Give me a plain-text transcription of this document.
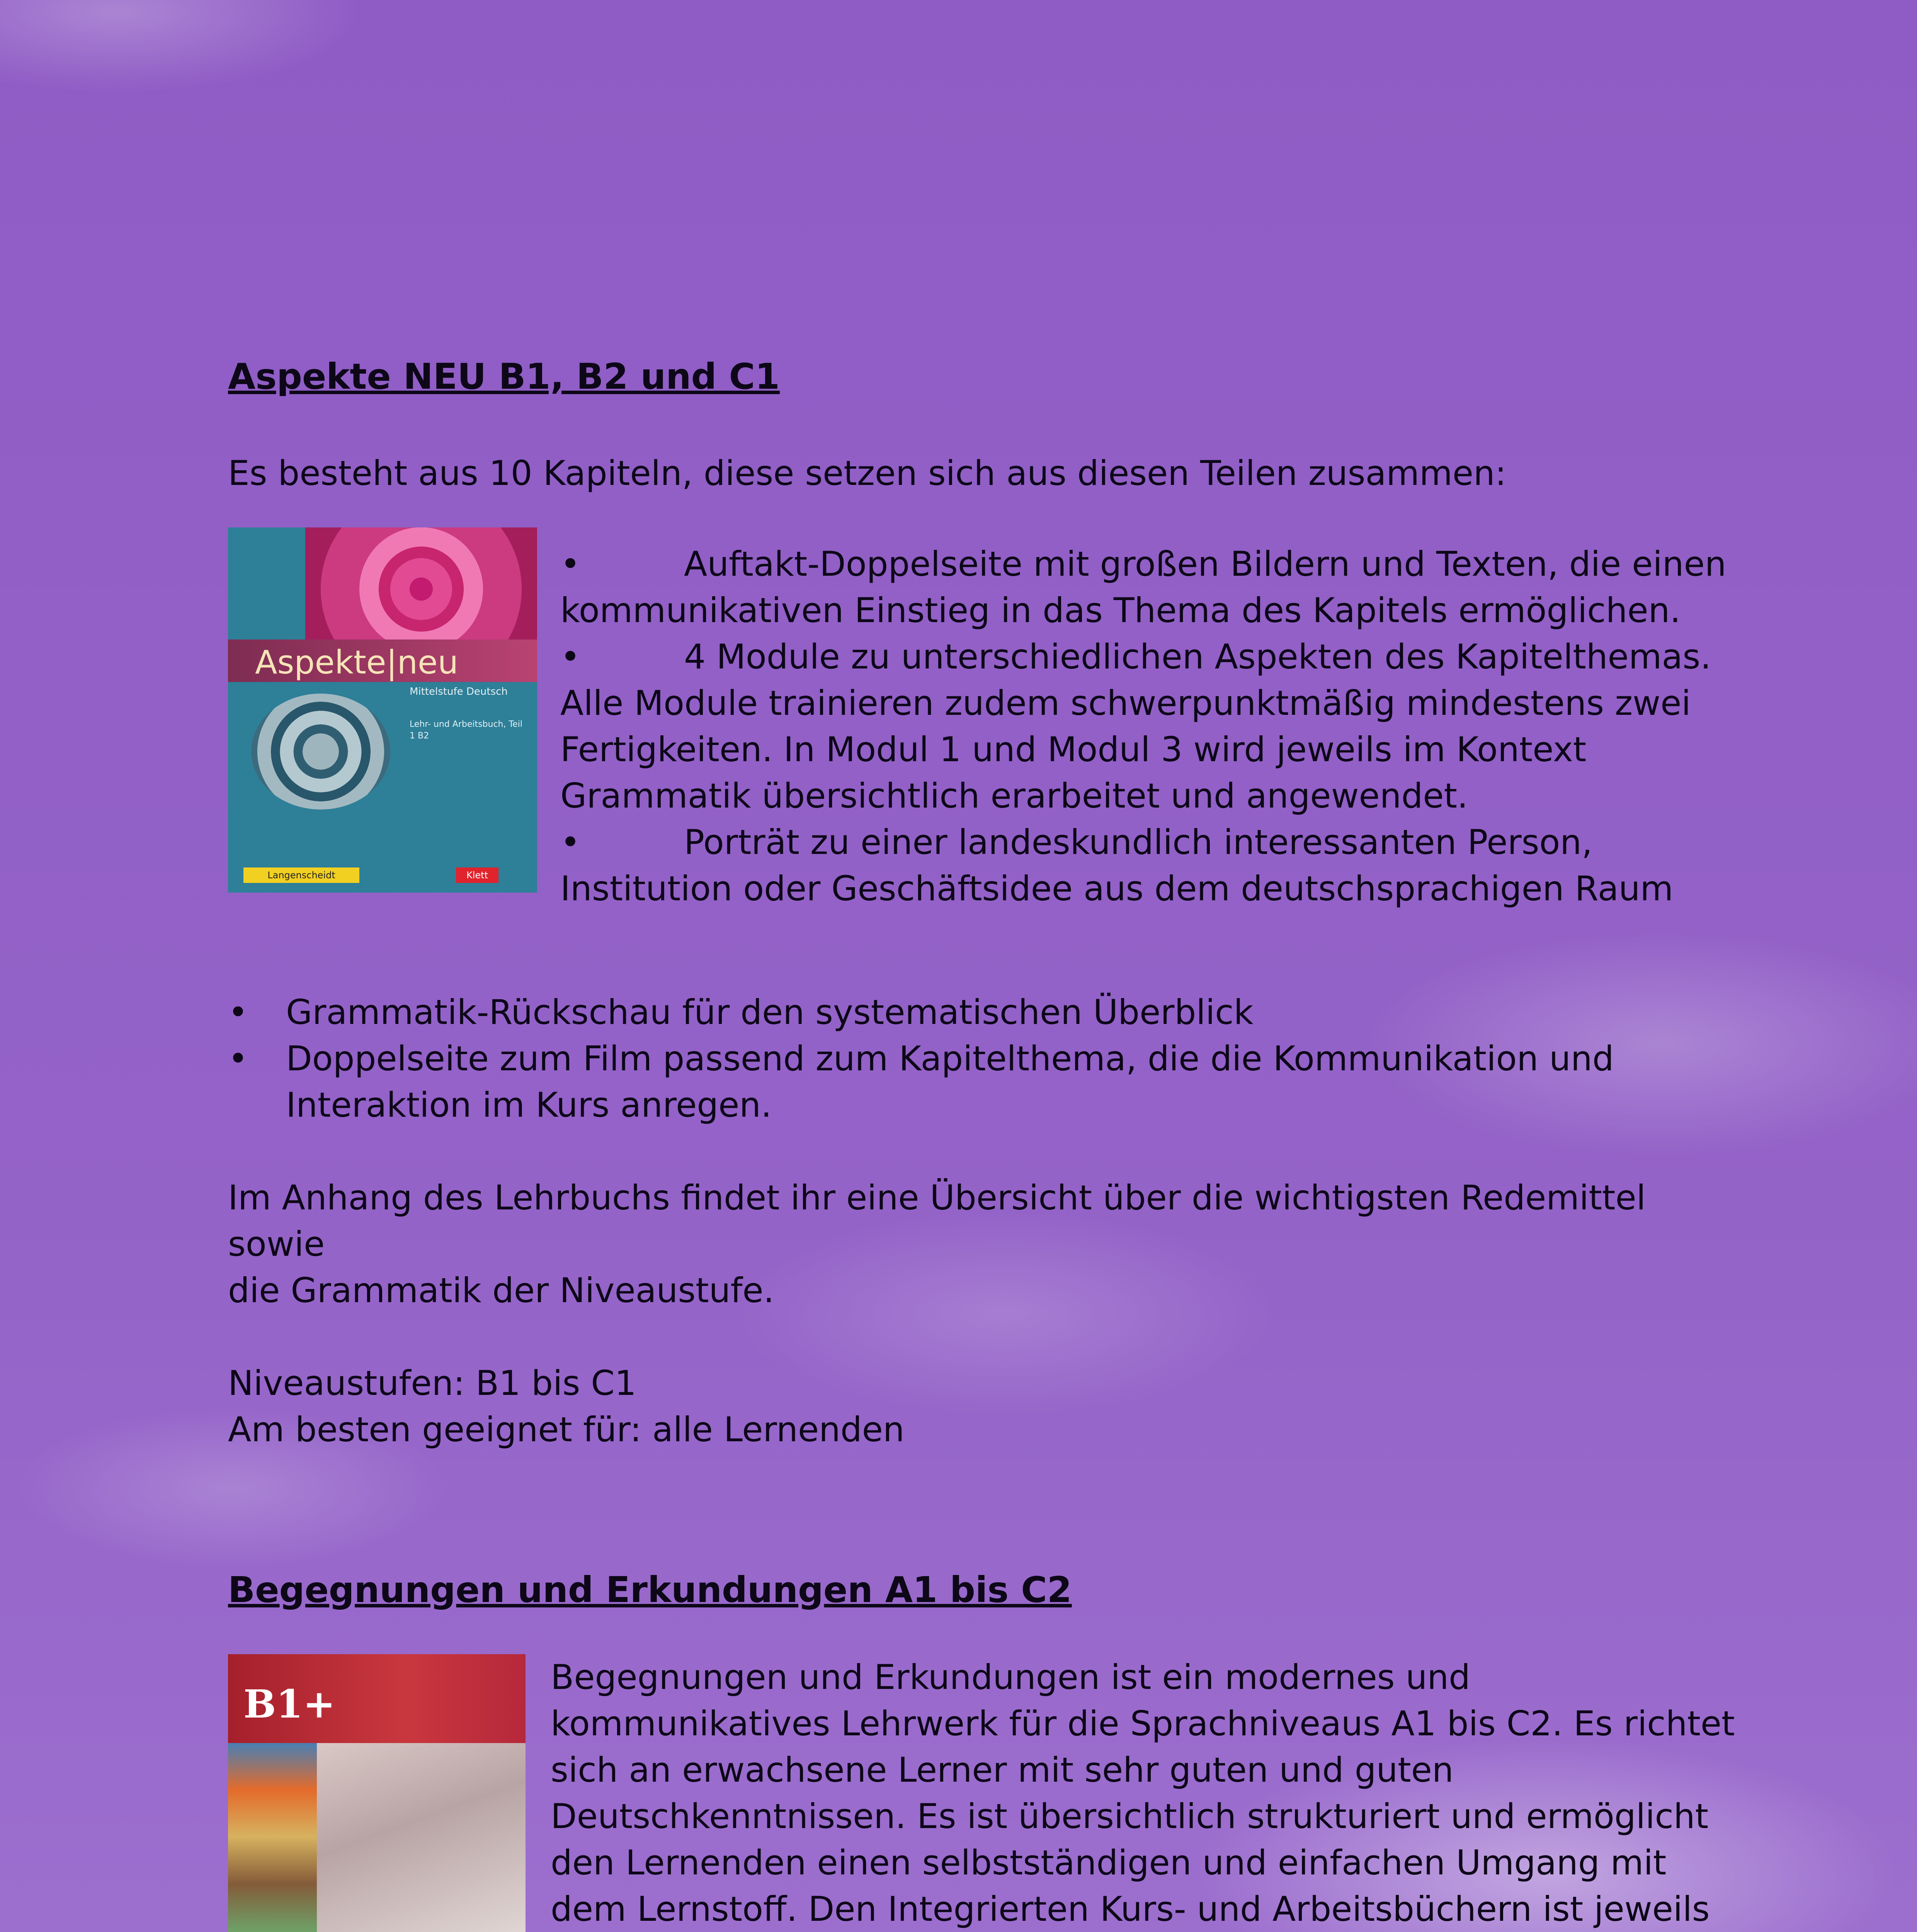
Aspekte NEU B1, B2 und C1

Es besteht aus 10 Kapiteln, diese setzen sich aus diesen Teilen zusammen:

Aspekte|neu
Mittelstufe Deutsch
Lehr- und Arbeitsbuch, Teil 1 B2
Langenscheidt	Klett

•	Auftakt-Doppelseite mit großen Bildern und Texten, die einen

kommunikativen Einstieg in das Thema des Kapitels ermöglichen.

•	4 Module zu unterschiedlichen Aspekten des Kapitelthemas.

Alle Module trainieren zudem schwerpunktmäßig mindestens zwei

Fertigkeiten. In Modul 1 und Modul 3 wird jeweils im Kontext

Grammatik übersichtlich erarbeitet und angewendet.

•	Porträt zu einer landeskundlich interessanten Person,

Institution oder Geschäftsidee aus dem deutschsprachigen Raum

• Grammatik-Rückschau für den systematischen Überblick
• Doppelseite zum Film passend zum Kapitelthema, die die Kommunikation und
Interaktion im Kurs anregen.

Im Anhang des Lehrbuchs findet ihr eine Übersicht über die wichtigsten Redemittel sowie
die Grammatik der Niveaustufe.

Niveaustufen: B1 bis C1

Am besten geeignet für: alle Lernenden

Begegnungen und Erkundungen A1 bis C2
B1+

Begegnungen und Erkundungen ist ein modernes und

kommunikatives Lehrwerk für die Sprachniveaus A1 bis C2. Es richtet

sich an erwachsene Lerner mit sehr guten und guten

Deutschkenntnissen. Es ist übersichtlich strukturiert und ermöglicht

den Lernenden einen selbstständigen und einfachen Umgang mit

dem Lernstoff. Den Integrierten Kurs- und Arbeitsbüchern ist jeweils
